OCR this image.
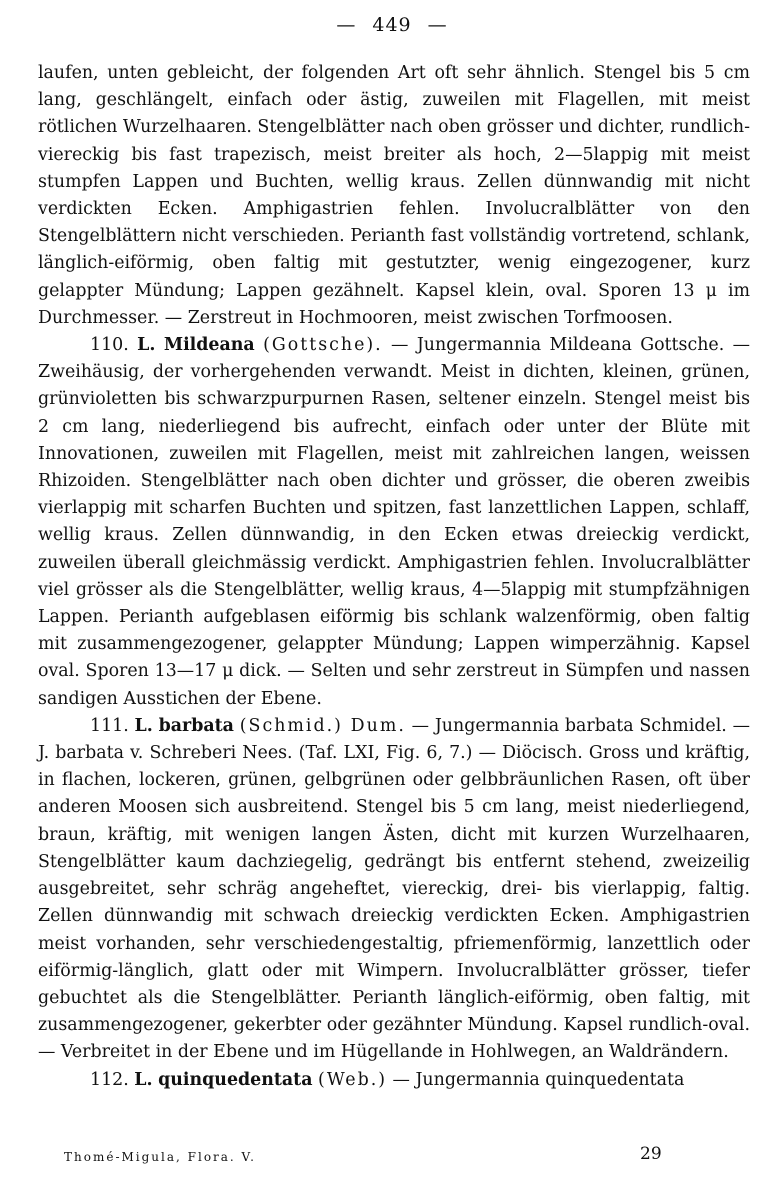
— 449 —

laufen, unten gebleicht, der folgenden Art oft sehr ähnlich. Stengel bis 5 cm lang, geschlängelt, einfach oder ästig, zuweilen mit Flagellen, mit meist rötlichen Wurzelhaaren. Stengelblätter nach oben grösser und dichter, rundlich-viereckig bis fast trapezisch, meist breiter als hoch, 2—5lappig mit meist stumpfen Lappen und Buchten, wellig kraus. Zellen dünnwandig mit nicht verdickten Ecken. Amphigastrien fehlen. Involucralblätter von den Stengelblättern nicht verschieden. Perianth fast vollständig vortretend, schlank, länglich-eiförmig, oben faltig mit gestutzter, wenig eingezogener, kurz gelappter Mündung; Lappen gezähnelt. Kapsel klein, oval. Sporen 13 μ im Durchmesser. — Zerstreut in Hochmooren, meist zwischen Torfmoosen.

110. L. Mildeana (Gottsche). — Jungermannia Mildeana Gottsche. — Zweihäusig, der vorhergehenden verwandt. Meist in dichten, kleinen, grünen, grünvioletten bis schwarzpurpurnen Rasen, seltener einzeln. Stengel meist bis 2 cm lang, niederliegend bis aufrecht, einfach oder unter der Blüte mit Innovationen, zuweilen mit Flagellen, meist mit zahlreichen langen, weissen Rhizoiden. Stengelblätter nach oben dichter und grösser, die oberen zweibis vierlappig mit scharfen Buchten und spitzen, fast lanzettlichen Lappen, schlaff, wellig kraus. Zellen dünnwandig, in den Ecken etwas dreieckig verdickt, zuweilen überall gleichmässig verdickt. Amphigastrien fehlen. Involucralblätter viel grösser als die Stengelblätter, wellig kraus, 4—5lappig mit stumpfzähnigen Lappen. Perianth aufgeblasen eiförmig bis schlank walzenförmig, oben faltig mit zusammengezogener, gelappter Mündung; Lappen wimperzähnig. Kapsel oval. Sporen 13—17 μ dick. — Selten und sehr zerstreut in Sümpfen und nassen sandigen Ausstichen der Ebene.

111. L. barbata (Schmid.) Dum. — Jungermannia barbata Schmidel. — J. barbata v. Schreberi Nees. (Taf. LXI, Fig. 6, 7.) — Diöcisch. Gross und kräftig, in flachen, lockeren, grünen, gelbgrünen oder gelbbräunlichen Rasen, oft über anderen Moosen sich ausbreitend. Stengel bis 5 cm lang, meist niederliegend, braun, kräftig, mit wenigen langen Ästen, dicht mit kurzen Wurzelhaaren, Stengelblätter kaum dachziegelig, gedrängt bis entfernt stehend, zweizeilig ausgebreitet, sehr schräg angeheftet, viereckig, drei- bis vierlappig, faltig. Zellen dünnwandig mit schwach dreieckig verdickten Ecken. Amphigastrien meist vorhanden, sehr verschiedengestaltig, pfriemenförmig, lanzettlich oder eiförmig-länglich, glatt oder mit Wimpern. Involucralblätter grösser, tiefer gebuchtet als die Stengelblätter. Perianth länglich-eiförmig, oben faltig, mit zusammengezogener, gekerbter oder gezähnter Mündung. Kapsel rundlich-oval. — Verbreitet in der Ebene und im Hügellande in Hohlwegen, an Waldrändern.

112. L. quinquedentata (Web.) — Jungermannia quinquedentata

Thomé-Migula, Flora. V.	29
